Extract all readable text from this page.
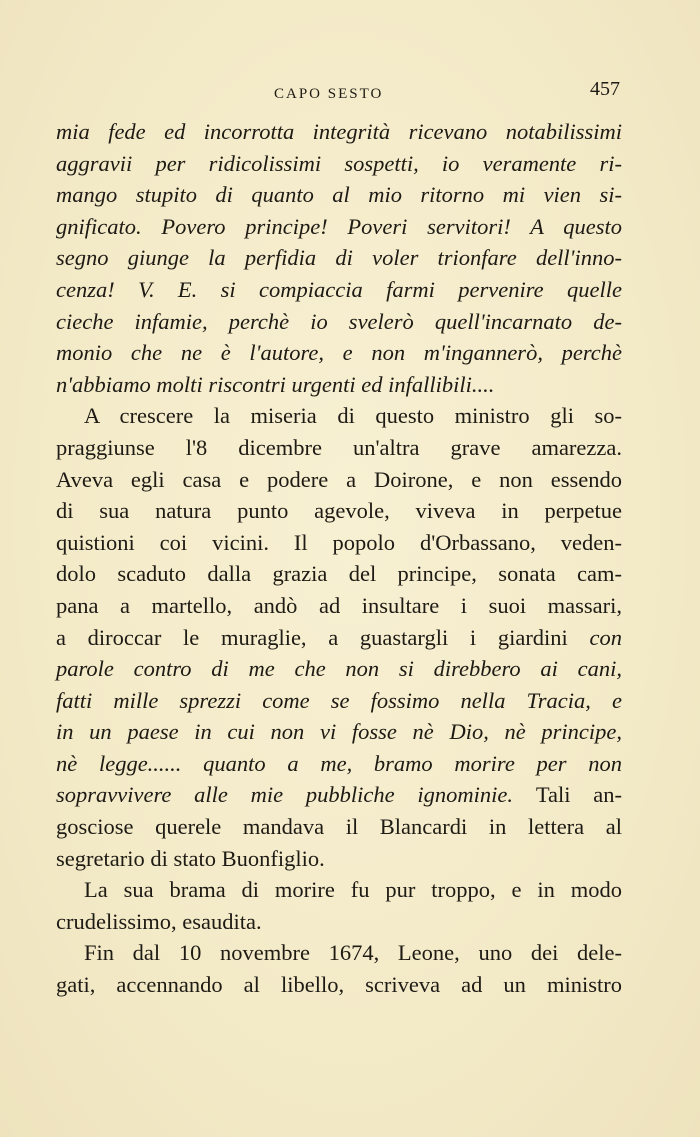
CAPO SESTO	457
mia fede ed incorrotta integrità ricevano notabilissimi
aggravii per ridicolissimi sospetti, io veramente ri-
mango stupito di quanto al mio ritorno mi vien si-
gnificato. Povero principe! Poveri servitori! A questo
segno giunge la perfidia di voler trionfare dell'inno-
cenza! V. E. si compiaccia farmi pervenire quelle
cieche infamie, perchè io svelerò quell'incarnato de-
monio che ne è l'autore, e non m'ingannerò, perchè
n'abbiamo molti riscontri urgenti ed infallibili....
A crescere la miseria di questo ministro gli so-
praggiunse l'8 dicembre un'altra grave amarezza.
Aveva egli casa e podere a Doirone, e non essendo
di sua natura punto agevole, viveva in perpetue
quistioni coi vicini. Il popolo d'Orbassano, veden-
dolo scaduto dalla grazia del principe, sonata cam-
pana a martello, andò ad insultare i suoi massari,
a diroccar le muraglie, a guastargli i giardini con
parole contro di me che non si direbbero ai cani,
fatti mille sprezzi come se fossimo nella Tracia, e
in un paese in cui non vi fosse nè Dio, nè principe,
nè legge...... quanto a me, bramo morire per non
sopravvivere alle mie pubbliche ignominie. Tali an-
gosciose querele mandava il Blancardi in lettera al
segretario di stato Buonfiglio.
La sua brama di morire fu pur troppo, e in modo
crudelissimo, esaudita.
Fin dal 10 novembre 1674, Leone, uno dei dele-
gati, accennando al libello, scriveva ad un ministro
